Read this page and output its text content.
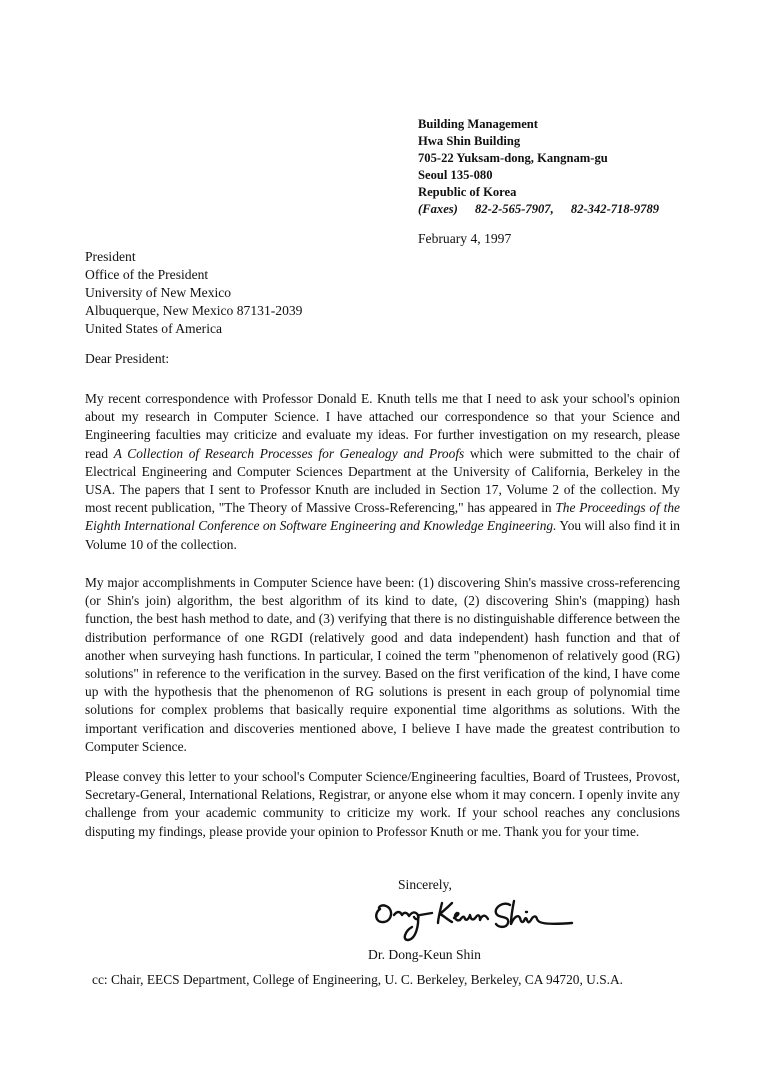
Building Management
Hwa Shin Building
705-22 Yuksam-dong, Kangnam-gu
Seoul 135-080
Republic of Korea
(Faxes) 82-2-565-7907, 82-342-718-9789
February 4, 1997
President
Office of the President
University of New Mexico
Albuquerque, New Mexico 87131-2039
United States of America
Dear President:
My recent correspondence with Professor Donald E. Knuth tells me that I need to ask your school's opinion about my research in Computer Science. I have attached our correspondence so that your Science and Engineering faculties may criticize and evaluate my ideas. For further investigation on my research, please read A Collection of Research Processes for Genealogy and Proofs which were submitted to the chair of Electrical Engineering and Computer Sciences Department at the University of California, Berkeley in the USA. The papers that I sent to Professor Knuth are included in Section 17, Volume 2 of the collection. My most recent publication, "The Theory of Massive Cross-Referencing," has appeared in The Proceedings of the Eighth International Conference on Software Engineering and Knowledge Engineering. You will also find it in Volume 10 of the collection.
My major accomplishments in Computer Science have been: (1) discovering Shin's massive cross-referencing (or Shin's join) algorithm, the best algorithm of its kind to date, (2) discovering Shin's (mapping) hash function, the best hash method to date, and (3) verifying that there is no distinguishable difference between the distribution performance of one RGDI (relatively good and data independent) hash function and that of another when surveying hash functions. In particular, I coined the term "phenomenon of relatively good (RG) solutions" in reference to the verification in the survey. Based on the first verification of the kind, I have come up with the hypothesis that the phenomenon of RG solutions is present in each group of polynomial time solutions for complex problems that basically require exponential time algorithms as solutions. With the important verification and discoveries mentioned above, I believe I have made the greatest contribution to Computer Science.
Please convey this letter to your school's Computer Science/Engineering faculties, Board of Trustees, Provost, Secretary-General, International Relations, Registrar, or anyone else whom it may concern. I openly invite any challenge from your academic community to criticize my work. If your school reaches any conclusions disputing my findings, please provide your opinion to Professor Knuth or me. Thank you for your time.
Sincerely,
Dr. Dong-Keun Shin
cc: Chair, EECS Department, College of Engineering, U. C. Berkeley, Berkeley, CA 94720, U.S.A.
